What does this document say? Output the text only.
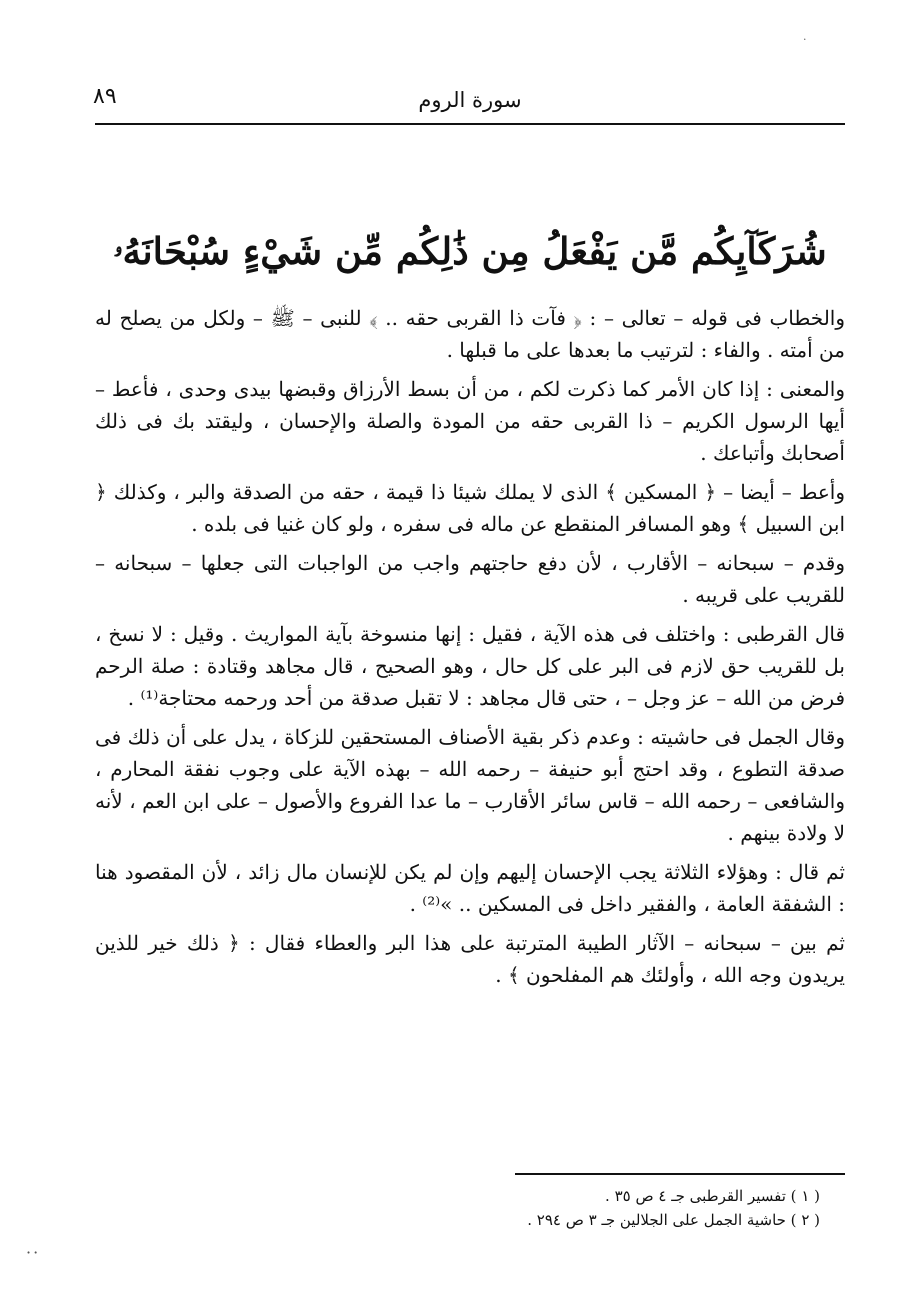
·
سورة الروم
٨٩

شُرَكَآيِكُم مَّن يَفْعَلُ مِن ذَٰلِكُم مِّن شَيْءٍ سُبْحَانَهُۥ

والخطاب فى قوله – تعالى – : ﴿ فآت ذا القربى حقه .. ﴾ للنبى – ﷺ – ولكل من يصلح له من أمته . والفاء : لترتيب ما بعدها على ما قبلها .

والمعنى : إذا كان الأمر كما ذكرت لكم ، من أن بسط الأرزاق وقبضها بيدى وحدى ، فأعط – أيها الرسول الكريم – ذا القربى حقه من المودة والصلة والإحسان ، وليقتد بك فى ذلك أصحابك وأتباعك .

وأعط – أيضا – ﴿ المسكين ﴾ الذى لا يملك شيئا ذا قيمة ، حقه من الصدقة والبر ، وكذلك ﴿ ابن السبيل ﴾ وهو المسافر المنقطع عن ماله فى سفره ، ولو كان غنيا فى بلده .

وقدم – سبحانه – الأقارب ، لأن دفع حاجتهم واجب من الواجبات التى جعلها – سبحانه – للقريب على قريبه .

قال القرطبى : واختلف فى هذه الآية ، فقيل : إنها منسوخة بآية المواريث . وقيل : لا نسخ ، بل للقريب حق لازم فى البر على كل حال ، وهو الصحيح ، قال مجاهد وقتادة : صلة الرحم فرض من الله – عز وجل – ، حتى قال مجاهد : لا تقبل صدقة من أحد ورحمه محتاجة⁽¹⁾ .

وقال الجمل فى حاشيته : وعدم ذكر بقية الأصناف المستحقين للزكاة ، يدل على أن ذلك فى صدقة التطوع ، وقد احتج أبو حنيفة – رحمه الله – بهذه الآية على وجوب نفقة المحارم ، والشافعى – رحمه الله – قاس سائر الأقارب – ما عدا الفروع والأصول – على ابن العم ، لأنه لا ولادة بينهم .

ثم قال : وهؤلاء الثلاثة يجب الإحسان إليهم وإن لم يكن للإنسان مال زائد ، لأن المقصود هنا : الشفقة العامة ، والفقير داخل فى المسكين .. »⁽²⁾ .

ثم بين – سبحانه – الآثار الطيبة المترتبة على هذا البر والعطاء فقال : ﴿ ذلك خير للذين يريدون وجه الله ، وأولئك هم المفلحون ﴾ .

( ١ ) تفسير القرطبى جـ ٤ ص ٣٥ .
( ٢ ) حاشية الجمل على الجلالين جـ ٣ ص ٢٩٤ .
··
